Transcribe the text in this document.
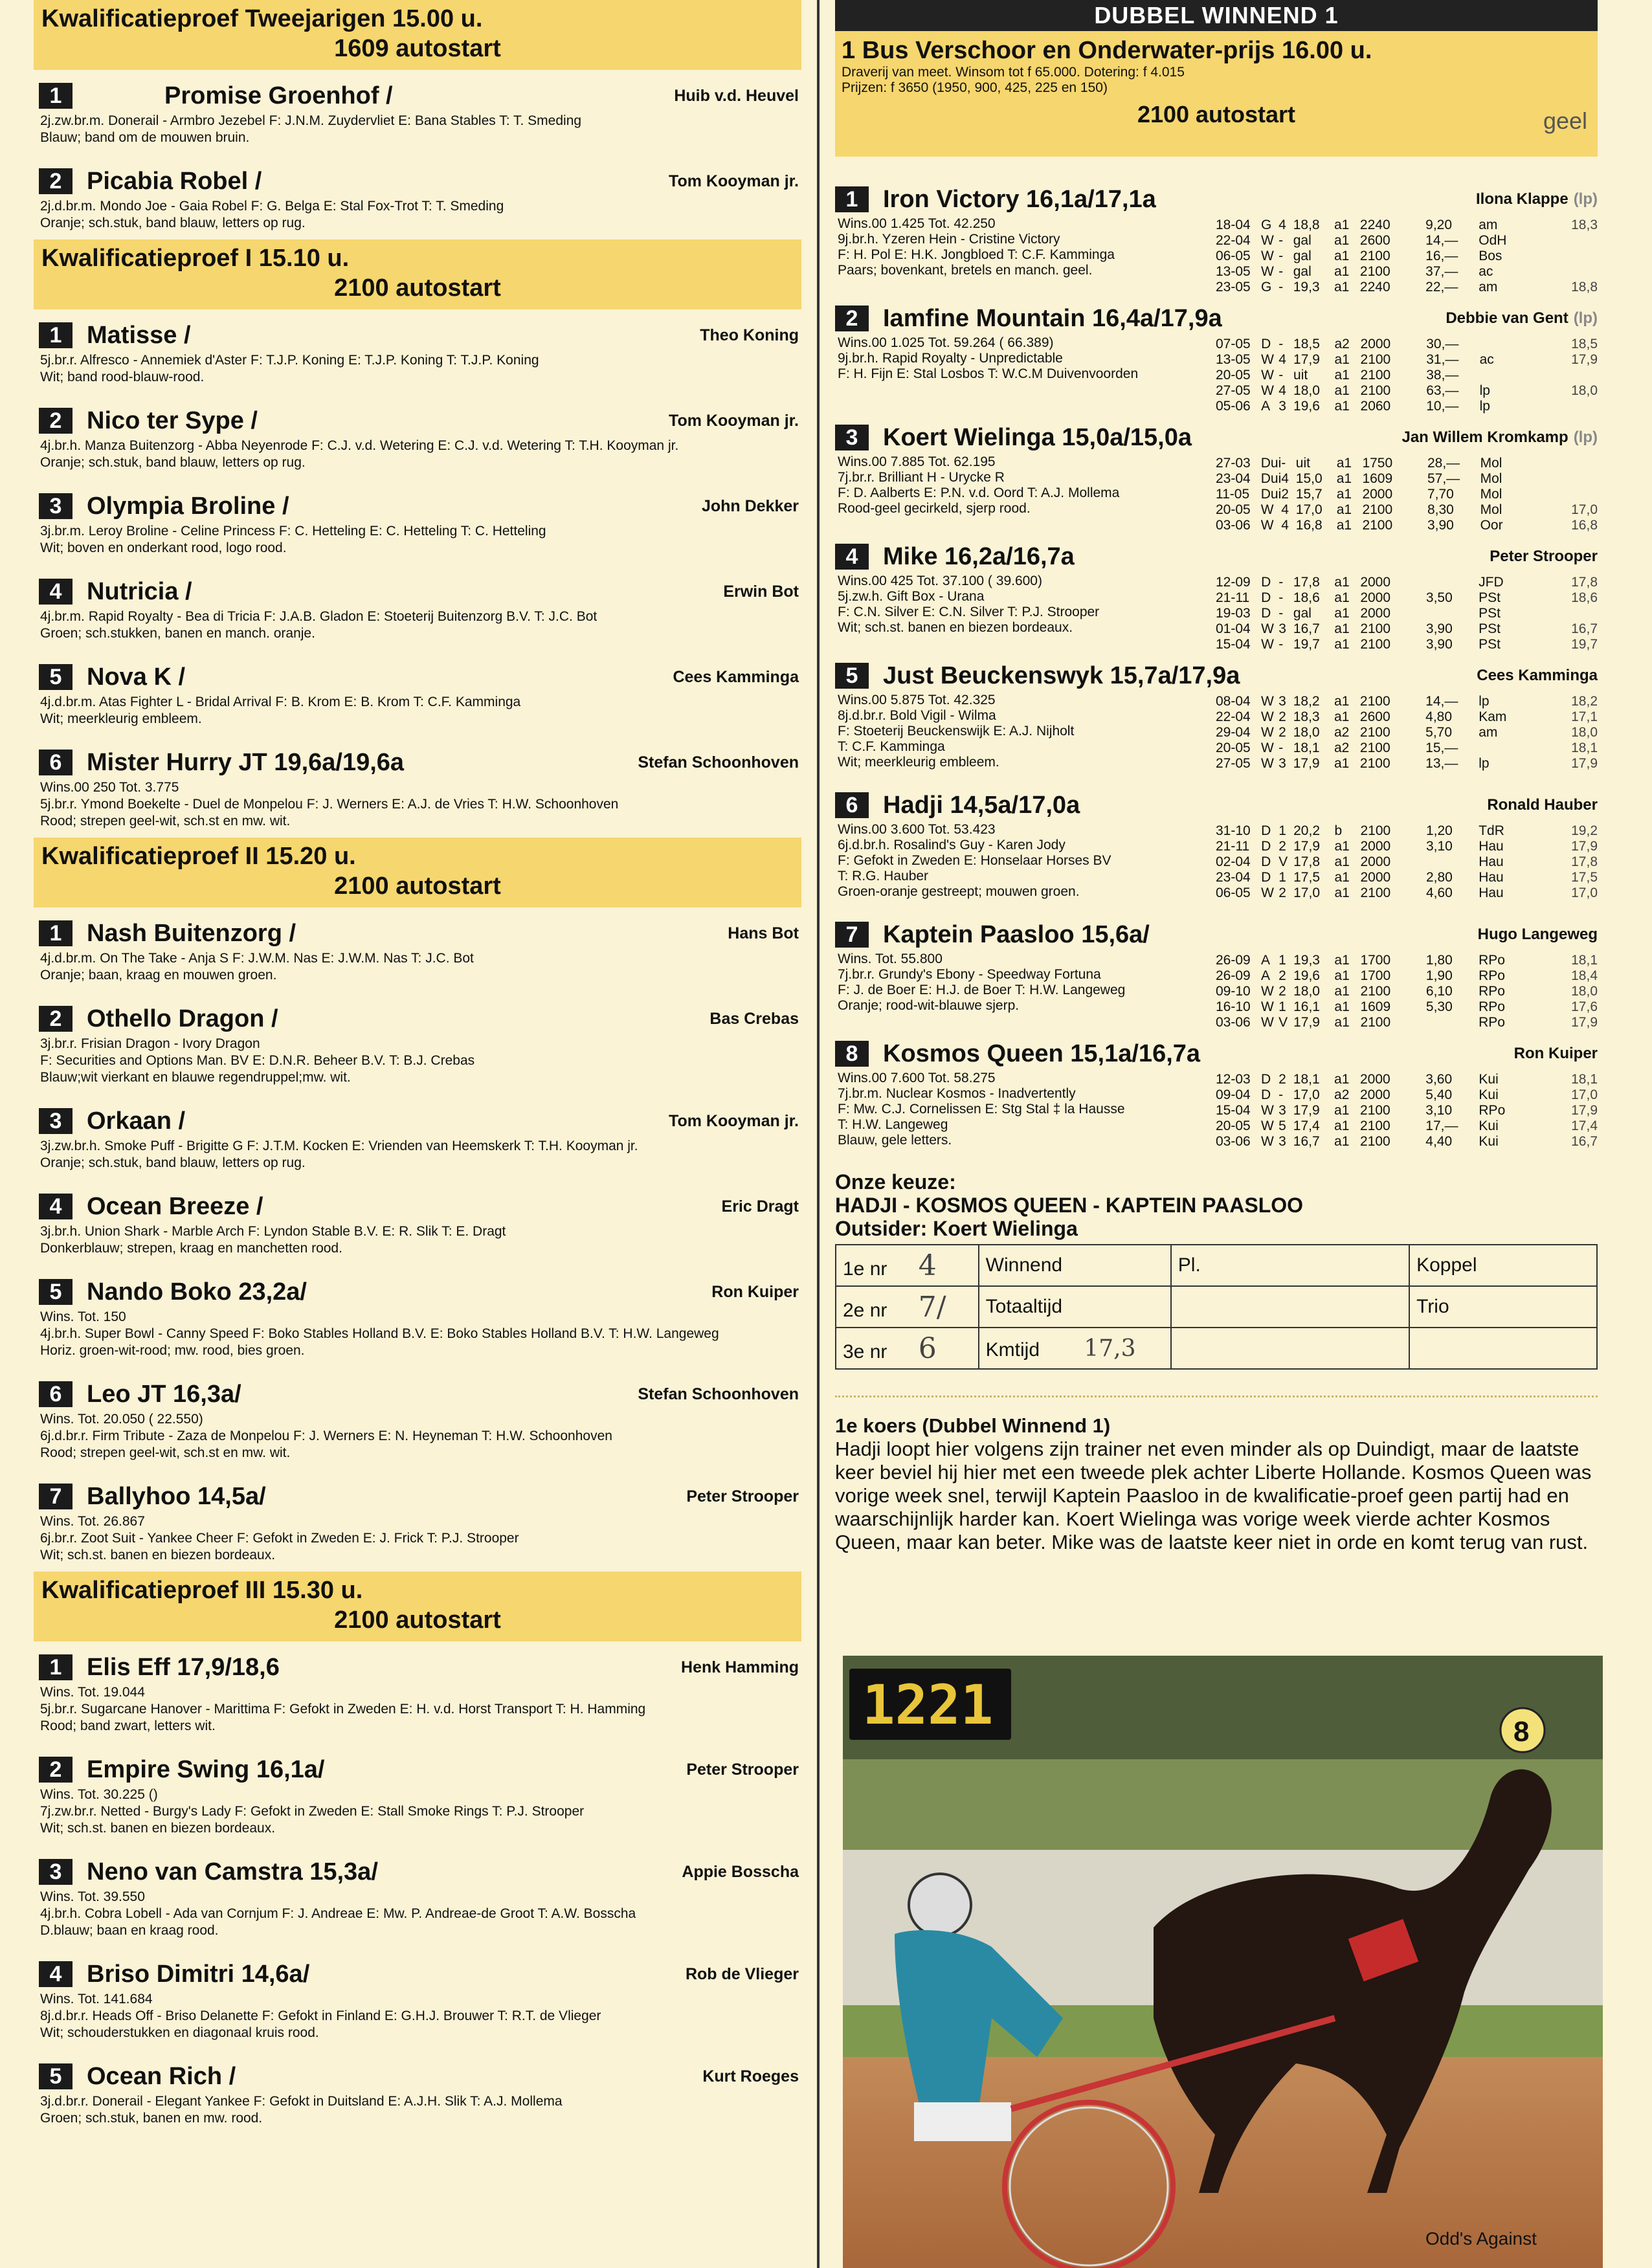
Kwalificatieproef Tweejarigen 15.00 u.
1609 autostart
1	Promise Groenhof /	Huib v.d. Heuvel
2j.zw.br.m. Donerail - Armbro Jezebel F: J.N.M. Zuydervliet E: Bana Stables T: T. Smeding
Blauw; band om de mouwen bruin.
2	Picabia Robel /	Tom Kooyman jr.
2j.d.br.m. Mondo Joe - Gaia Robel F: G. Belga E: Stal Fox-Trot T: T. Smeding
Oranje; sch.stuk, band blauw, letters op rug.
Kwalificatieproef I 15.10 u.
2100 autostart
1	Matisse /	Theo Koning
5j.br.r. Alfresco - Annemiek d'Aster F: T.J.P. Koning E: T.J.P. Koning T: T.J.P. Koning
Wit; band rood-blauw-rood.
2	Nico ter Sype /	Tom Kooyman jr.
4j.br.h. Manza Buitenzorg - Abba Neyenrode F: C.J. v.d. Wetering E: C.J. v.d. Wetering T: T.H. Kooyman jr.
Oranje; sch.stuk, band blauw, letters op rug.
3	Olympia Broline /	John Dekker
3j.br.m. Leroy Broline - Celine Princess F: C. Hetteling E: C. Hetteling T: C. Hetteling
Wit; boven en onderkant rood, logo rood.
4	Nutricia /	Erwin Bot
4j.br.m. Rapid Royalty - Bea di Tricia F: J.A.B. Gladon E: Stoeterij Buitenzorg B.V. T: J.C. Bot
Groen; sch.stukken, banen en manch. oranje.
5	Nova K /	Cees Kamminga
4j.d.br.m. Atas Fighter L - Bridal Arrival F: B. Krom E: B. Krom T: C.F. Kamminga
Wit; meerkleurig embleem.
6	Mister Hurry JT 19,6a/19,6a	Stefan Schoonhoven
Wins.00 250 Tot. 3.775
5j.br.r. Ymond Boekelte - Duel de Monpelou F: J. Werners E: A.J. de Vries T: H.W. Schoonhoven
Rood; strepen geel-wit, sch.st en mw. wit.
Kwalificatieproef II 15.20 u.
2100 autostart
1	Nash Buitenzorg /	Hans Bot
4j.d.br.m. On The Take - Anja S F: J.W.M. Nas E: J.W.M. Nas T: J.C. Bot
Oranje; baan, kraag en mouwen groen.
2	Othello Dragon /	Bas Crebas
3j.br.r. Frisian Dragon - Ivory Dragon
F: Securities and Options Man. BV E: D.N.R. Beheer B.V. T: B.J. Crebas
Blauw;wit vierkant en blauwe regendruppel;mw. wit.
3	Orkaan /	Tom Kooyman jr.
3j.zw.br.h. Smoke Puff - Brigitte G F: J.T.M. Kocken E: Vrienden van Heemskerk T: T.H. Kooyman jr.
Oranje; sch.stuk, band blauw, letters op rug.
4	Ocean Breeze /	Eric Dragt
3j.br.h. Union Shark - Marble Arch F: Lyndon Stable B.V. E: R. Slik T: E. Dragt
Donkerblauw; strepen, kraag en manchetten rood.
5	Nando Boko 23,2a/	Ron Kuiper
Wins. Tot. 150
4j.br.h. Super Bowl - Canny Speed F: Boko Stables Holland B.V. E: Boko Stables Holland B.V. T: H.W. Langeweg
Horiz. groen-wit-rood; mw. rood, bies groen.
6	Leo JT 16,3a/	Stefan Schoonhoven
Wins. Tot. 20.050 ( 22.550)
6j.d.br.r. Firm Tribute - Zaza de Monpelou F: J. Werners E: N. Heyneman T: H.W. Schoonhoven
Rood; strepen geel-wit, sch.st en mw. wit.
7	Ballyhoo 14,5a/	Peter Strooper
Wins. Tot. 26.867
6j.br.r. Zoot Suit - Yankee Cheer F: Gefokt in Zweden E: J. Frick T: P.J. Strooper
Wit; sch.st. banen en biezen bordeaux.
Kwalificatieproef III 15.30 u.
2100 autostart
1	Elis Eff 17,9/18,6	Henk Hamming
Wins. Tot. 19.044
5j.br.r. Sugarcane Hanover - Marittima F: Gefokt in Zweden E: H. v.d. Horst Transport T: H. Hamming
Rood; band zwart, letters wit.
2	Empire Swing 16,1a/	Peter Strooper
Wins. Tot. 30.225 ()
7j.zw.br.r. Netted - Burgy's Lady F: Gefokt in Zweden E: Stall Smoke Rings T: P.J. Strooper
Wit; sch.st. banen en biezen bordeaux.
3	Neno van Camstra 15,3a/	Appie Bosscha
Wins. Tot. 39.550
4j.br.h. Cobra Lobell - Ada van Cornjum F: J. Andreae E: Mw. P. Andreae-de Groot T: A.W. Bosscha
D.blauw; baan en kraag rood.
4	Briso Dimitri 14,6a/	Rob de Vlieger
Wins. Tot. 141.684
8j.d.br.r. Heads Off - Briso Delanette F: Gefokt in Finland E: G.H.J. Brouwer T: R.T. de Vlieger
Wit; schouderstukken en diagonaal kruis rood.
5	Ocean Rich /	Kurt Roeges
3j.d.br.r. Donerail - Elegant Yankee F: Gefokt in Duitsland E: A.J.H. Slik T: A.J. Mollema
Groen; sch.stuk, banen en mw. rood.
DUBBEL WINNEND 1
1 Bus Verschoor en Onderwater-prijs 16.00 u.
Draverij van meet. Winsom tot f 65.000. Dotering: f 4.015
Prijzen: f 3650 (1950, 900, 425, 225 en 150)
2100 autostart	geel
1	Iron Victory 16,1a/17,1a	Ilona Klappe (lp)
Wins.00 1.425 Tot. 42.250
9j.br.h. Yzeren Hein - Cristine Victory
F: H. Pol E: H.K. Jongbloed T: C.F. Kamminga
Paars; bovenkant, bretels en manch. geel.
18-04	G	4	18,8	a1	2240	9,20	am	18,3
22-04	W	-	gal	a1	2600	14,—	OdH	
06-05	W	-	gal	a1	2100	16,—	Bos	
13-05	W	-	gal	a1	2100	37,—	ac	
23-05	G	-	19,3	a1	2240	22,—	am	18,8
2	Iamfine Mountain 16,4a/17,9a	Debbie van Gent (lp)
Wins.00 1.025 Tot. 59.264 ( 66.389)
9j.br.h. Rapid Royalty - Unpredictable
F: H. Fijn E: Stal Losbos T: W.C.M Duivenvoorden

07-05	D	-	18,5	a2	2000	30,—		18,5
13-05	W	4	17,9	a1	2100	31,—	ac	17,9
20-05	W	-	uit	a1	2100	38,—		
27-05	W	4	18,0	a1	2100	63,—	lp	18,0
05-06	A	3	19,6	a1	2060	10,—	lp	
3	Koert Wielinga 15,0a/15,0a	Jan Willem Kromkamp (lp)
Wins.00 7.885 Tot. 62.195
7j.br.r. Brilliant H - Urycke R
F: D. Aalberts E: P.N. v.d. Oord T: A.J. Mollema
Rood-geel gecirkeld, sjerp rood.
27-03	Dui	-	uit	a1	1750	28,—	Mol	
23-04	Dui	4	15,0	a1	1609	57,—	Mol	
11-05	Dui	2	15,7	a1	2000	7,70	Mol	
20-05	W	4	17,0	a1	2100	8,30	Mol	17,0
03-06	W	4	16,8	a1	2100	3,90	Oor	16,8
4	Mike 16,2a/16,7a	Peter Strooper
Wins.00 425 Tot. 37.100 ( 39.600)
5j.zw.h. Gift Box - Urana
F: C.N. Silver E: C.N. Silver T: P.J. Strooper
Wit; sch.st. banen en biezen bordeaux.
12-09	D	-	17,8	a1	2000		JFD	17,8
21-11	D	-	18,6	a1	2000	3,50	PSt	18,6
19-03	D	-	gal	a1	2000		PSt	
01-04	W	3	16,7	a1	2100	3,90	PSt	16,7
15-04	W	-	19,7	a1	2100	3,90	PSt	19,7
5	Just Beuckenswyk 15,7a/17,9a	Cees Kamminga
Wins.00 5.875 Tot. 42.325
8j.d.br.r. Bold Vigil - Wilma
F: Stoeterij Beuckenswijk E: A.J. Nijholt
T: C.F. Kamminga
Wit; meerkleurig embleem.
08-04	W	3	18,2	a1	2100	14,—	lp	18,2
22-04	W	2	18,3	a1	2600	4,80	Kam	17,1
29-04	W	2	18,0	a2	2100	5,70	am	18,0
20-05	W	-	18,1	a2	2100	15,—		18,1
27-05	W	3	17,9	a1	2100	13,—	lp	17,9
6	Hadji 14,5a/17,0a	Ronald Hauber
Wins.00 3.600 Tot. 53.423
6j.d.br.h. Rosalind's Guy - Karen Jody
F: Gefokt in Zweden E: Honselaar Horses BV
T: R.G. Hauber
Groen-oranje gestreept; mouwen groen.
31-10	D	1	20,2	b	2100	1,20	TdR	19,2
21-11	D	2	17,9	a1	2000	3,10	Hau	17,9
02-04	D	V	17,8	a1	2000		Hau	17,8
23-04	D	1	17,5	a1	2000	2,80	Hau	17,5
06-05	W	2	17,0	a1	2100	4,60	Hau	17,0
7	Kaptein Paasloo 15,6a/	Hugo Langeweg
Wins. Tot. 55.800
7j.br.r. Grundy's Ebony - Speedway Fortuna
F: J. de Boer E: H.J. de Boer T: H.W. Langeweg
Oranje; rood-wit-blauwe sjerp.
26-09	A	1	19,3	a1	1700	1,80	RPo	18,1
26-09	A	2	19,6	a1	1700	1,90	RPo	18,4
09-10	W	2	18,0	a1	2100	6,10	RPo	18,0
16-10	W	1	16,1	a1	1609	5,30	RPo	17,6
03-06	W	V	17,9	a1	2100		RPo	17,9
8	Kosmos Queen 15,1a/16,7a	Ron Kuiper
Wins.00 7.600 Tot. 58.275
7j.br.m. Nuclear Kosmos - Inadvertently
F: Mw. C.J. Cornelissen E: Stg Stal ‡ la Hausse
T: H.W. Langeweg
Blauw, gele letters.
12-03	D	2	18,1	a1	2000	3,60	Kui	18,1
09-04	D	-	17,0	a2	2000	5,40	Kui	17,0
15-04	W	3	17,9	a1	2100	3,10	RPo	17,9
20-05	W	5	17,4	a1	2100	17,—	Kui	17,4
03-06	W	3	16,7	a1	2100	4,40	Kui	16,7
Onze keuze:
HADJI - KOSMOS QUEEN - KAPTEIN PAASLOO
Outsider: Koert Wielinga
1e nr 4	Winnend	Pl.		Koppel
2e nr 7/	Totaaltijd			Trio
3e nr 6	Kmtijd 17,3			
1e koers (Dubbel Winnend 1)
Hadji loopt hier volgens zijn trainer net even minder als op Duindigt, maar de laatste keer beviel hij hier met een tweede plek achter Liberte Hollande. Kosmos Queen was vorige week snel, terwijl Kaptein Paasloo in de kwalificatie-proef geen partij had en waarschijnlijk harder kan. Koert Wielinga was vorige week vierde achter Kosmos Queen, maar kan beter. Mike was de laatste keer niet in orde en komt terug van rust.
1221	8
Odd's Against
